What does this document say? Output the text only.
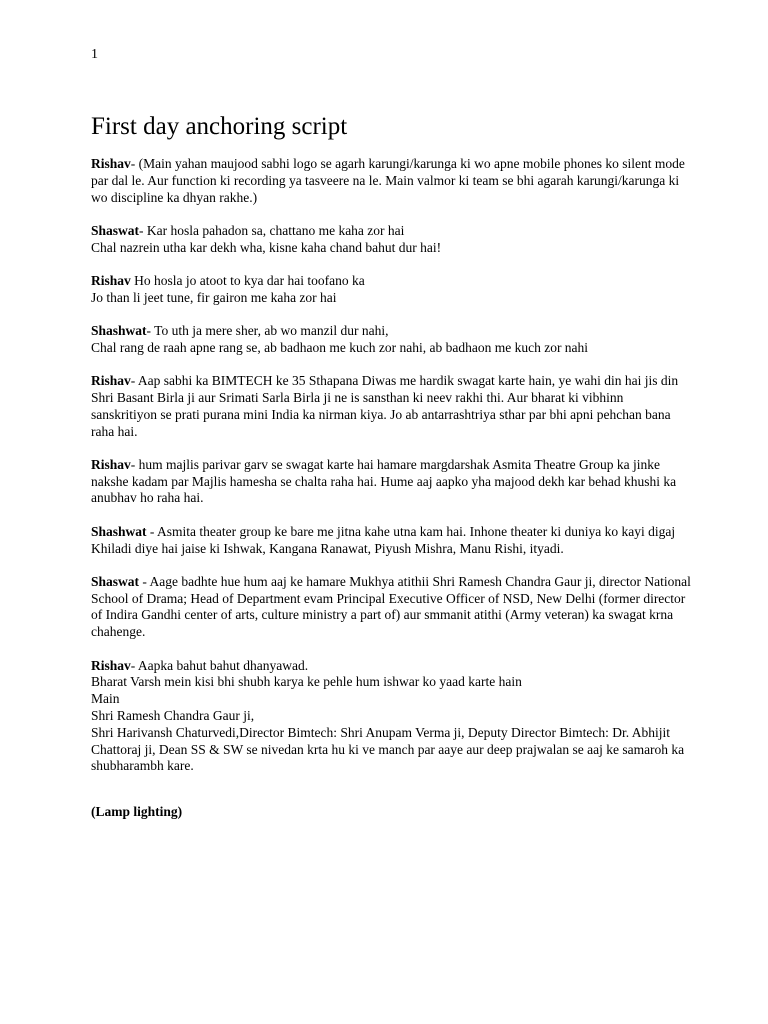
1
First day anchoring script

Rishav- (Main yahan maujood sabhi logo se agarh karungi/karunga ki wo apne mobile phones ko silent mode par dal le. Aur function ki recording ya tasveere na le. Main valmor ki team se bhi agarah karungi/karunga ki wo discipline ka dhyan rakhe.)

Shaswat- Kar hosla pahadon sa, chattano me kaha zor hai
Chal nazrein utha kar dekh wha, kisne kaha chand bahut dur hai!

Rishav Ho hosla jo atoot to kya dar hai toofano ka
Jo than li jeet tune, fir gairon me kaha zor hai

Shashwat- To uth ja mere sher, ab wo manzil dur nahi,
Chal rang de raah apne rang se, ab badhaon me kuch zor nahi, ab badhaon me kuch zor nahi

Rishav- Aap sabhi ka BIMTECH ke 35 Sthapana Diwas me hardik swagat karte hain, ye wahi din hai jis din Shri Basant Birla ji aur Srimati Sarla Birla ji ne is sansthan ki neev rakhi thi. Aur bharat ki vibhinn sanskritiyon se prati purana mini India ka nirman kiya. Jo ab antarrashtriya sthar par bhi apni pehchan bana raha hai.

Rishav- hum majlis parivar garv se swagat karte hai hamare margdarshak Asmita Theatre Group ka jinke nakshe kadam par Majlis hamesha se chalta raha hai. Hume aaj aapko yha majood dekh kar behad khushi ka anubhav ho raha hai.

Shashwat - Asmita theater group ke bare me jitna kahe utna kam hai. Inhone theater ki duniya ko kayi digaj Khiladi diye hai jaise ki Ishwak, Kangana Ranawat, Piyush Mishra, Manu Rishi, ityadi.

Shaswat - Aage badhte hue hum aaj ke hamare Mukhya atithii Shri Ramesh Chandra Gaur ji, director National School of Drama; Head of Department evam Principal Executive Officer of NSD, New Delhi (former director of Indira Gandhi center of arts, culture ministry a part of) aur smmanit atithi (Army veteran) ka swagat krna chahenge.

Rishav- Aapka bahut bahut dhanyawad.
Bharat Varsh mein kisi bhi shubh karya ke pehle hum ishwar ko yaad karte hain
Main
Shri Ramesh Chandra Gaur ji,
Shri Harivansh Chaturvedi,Director Bimtech: Shri Anupam Verma ji, Deputy Director Bimtech: Dr. Abhijit Chattoraj ji, Dean SS & SW se nivedan krta hu ki ve manch par aaye aur deep prajwalan se aaj ke samaroh ka shubharambh kare.

(Lamp lighting)
